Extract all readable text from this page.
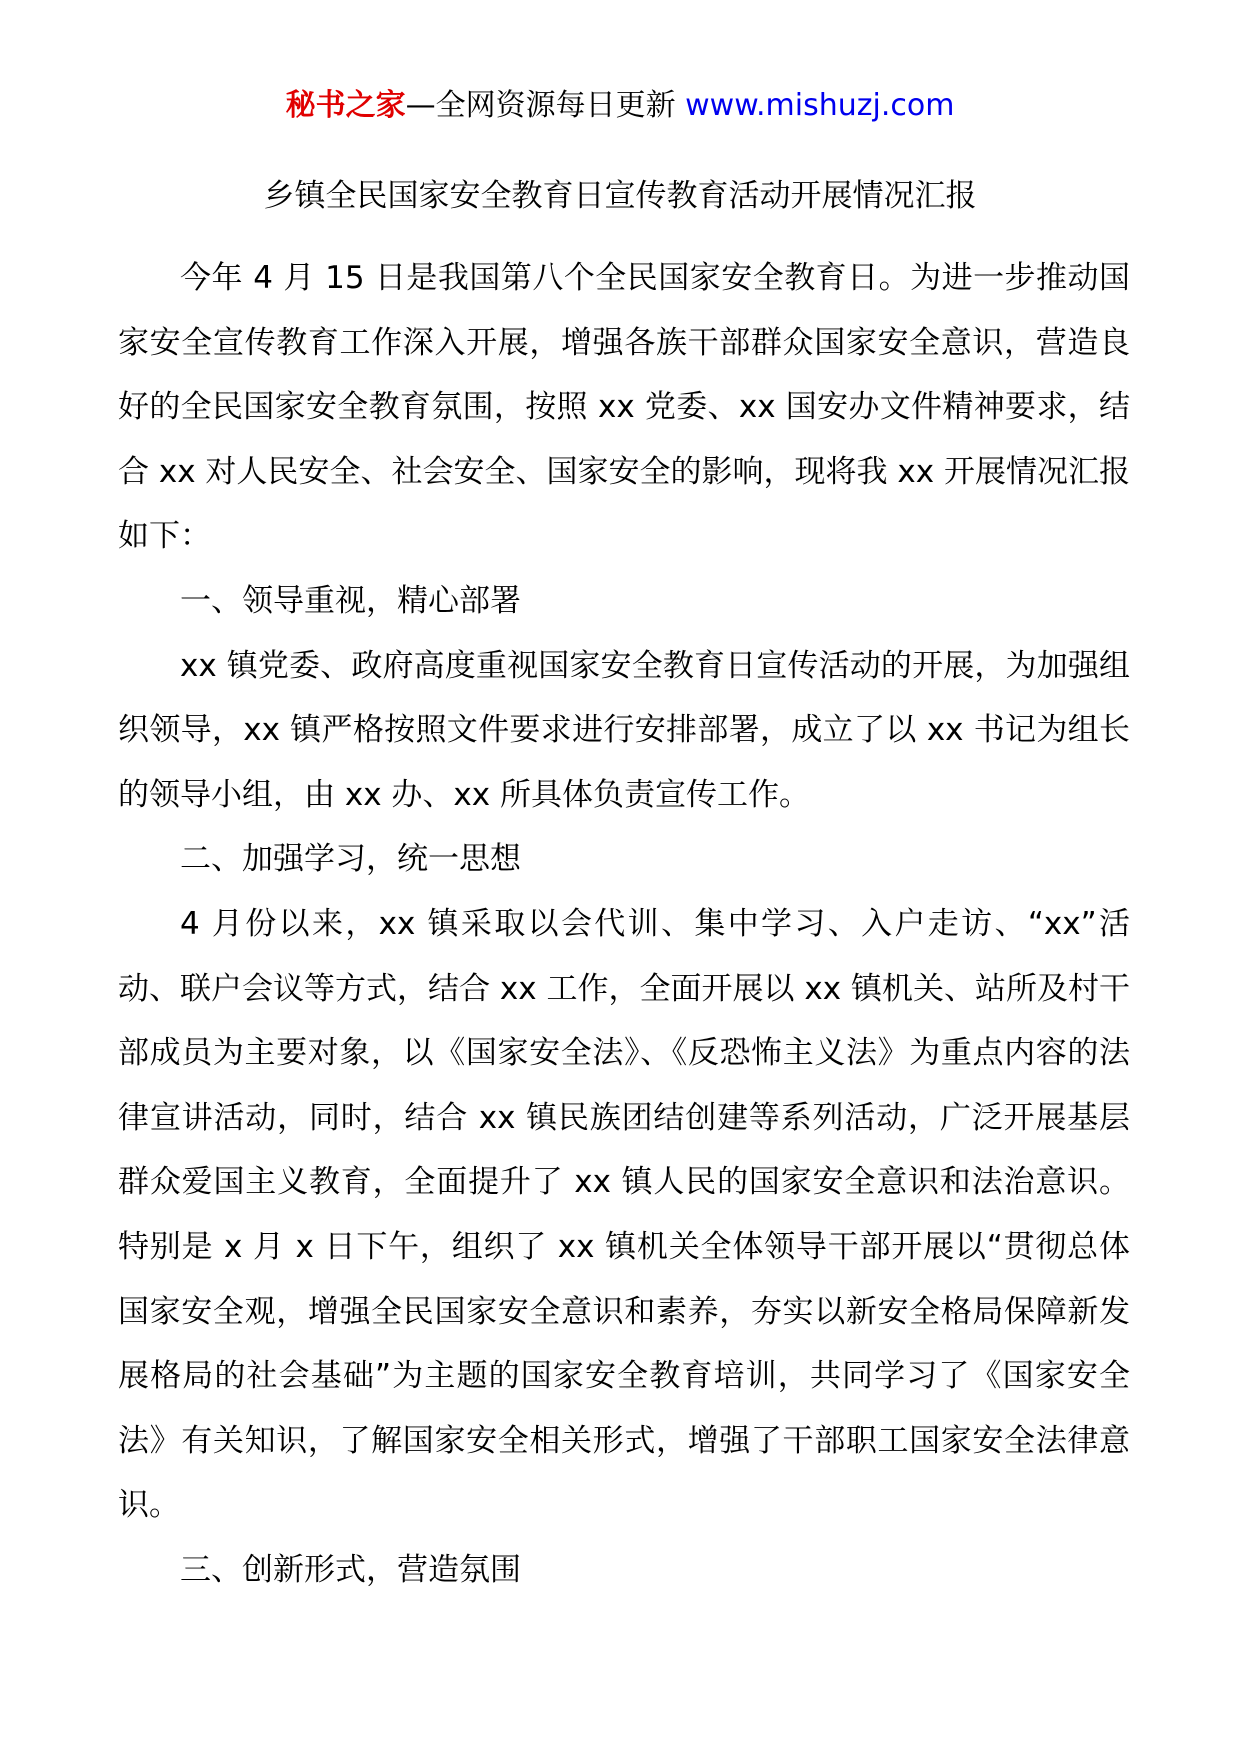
秘书之家—全网资源每日更新 www.mishuzj.com
乡镇全民国家安全教育日宣传教育活动开展情况汇报

今年 4 月 15 日是我国第八个全民国家安全教育日。为进一步推动国家安全宣传教育工作深入开展，增强各族干部群众国家安全意识，营造良好的全民国家安全教育氛围，按照 xx 党委、xx 国安办文件精神要求，结合 xx 对人民安全、社会安全、国家安全的影响，现将我 xx 开展情况汇报如下：

一、领导重视，精心部署

xx 镇党委、政府高度重视国家安全教育日宣传活动的开展，为加强组织领导，xx 镇严格按照文件要求进行安排部署，成立了以 xx 书记为组长的领导小组，由 xx 办、xx 所具体负责宣传工作。

二、加强学习，统一思想

4 月份以来，xx 镇采取以会代训、集中学习、入户走访、“xx”活动、联户会议等方式，结合 xx 工作，全面开展以 xx 镇机关、站所及村干部成员为主要对象，以《国家安全法》、《反恐怖主义法》为重点内容的法律宣讲活动，同时，结合 xx 镇民族团结创建等系列活动，广泛开展基层群众爱国主义教育，全面提升了 xx 镇人民的国家安全意识和法治意识。特别是 x 月 x 日下午，组织了 xx 镇机关全体领导干部开展以“贯彻总体国家安全观，增强全民国家安全意识和素养，夯实以新安全格局保障新发展格局的社会基础”为主题的国家安全教育培训，共同学习了《国家安全法》有关知识，了解国家安全相关形式，增强了干部职工国家安全法律意识。

三、创新形式，营造氛围
